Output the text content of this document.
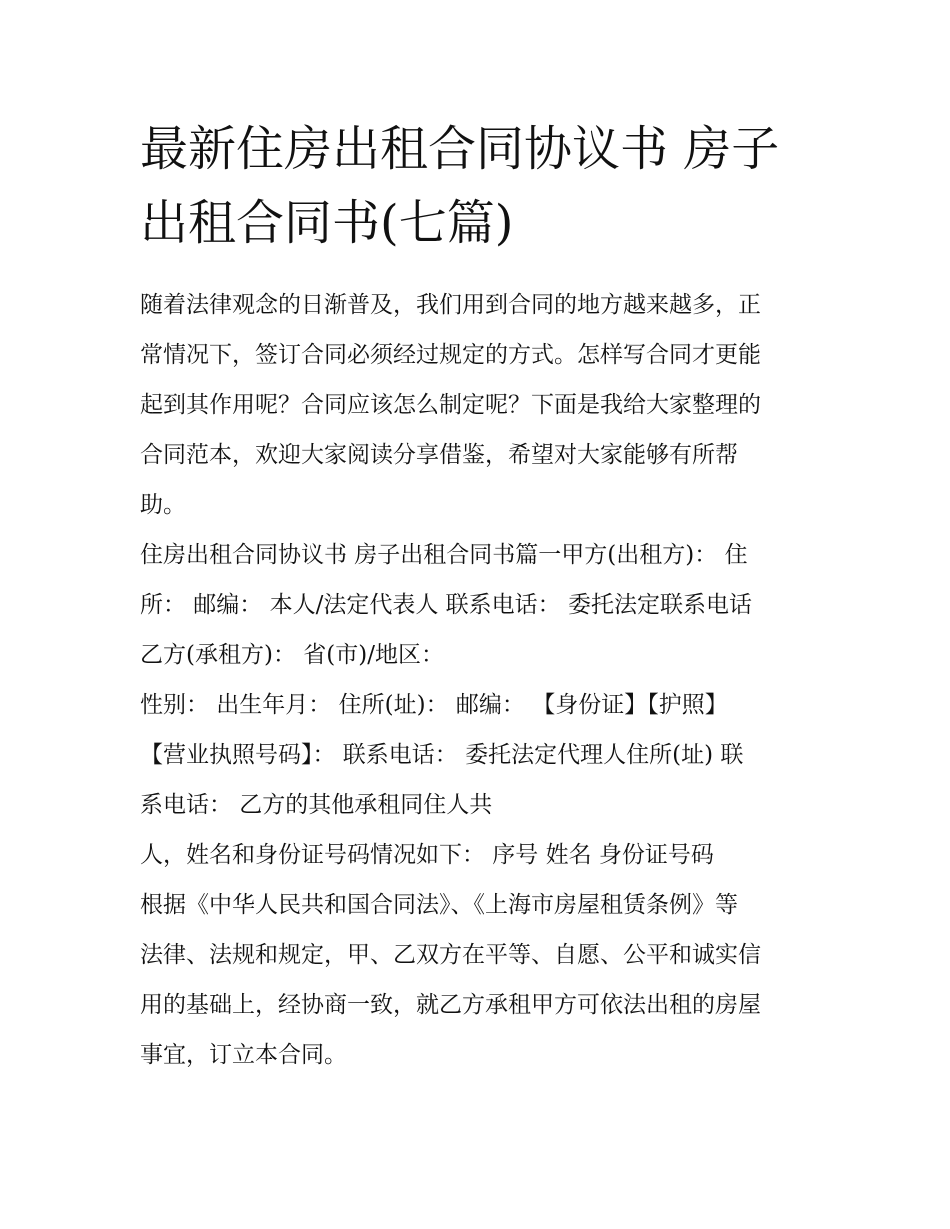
最新住房出租合同协议书 房子
出租合同书(七篇)
随着法律观念的日渐普及，我们用到合同的地方越来越多，正
常情况下，签订合同必须经过规定的方式。怎样写合同才更能
起到其作用呢？合同应该怎么制定呢？下面是我给大家整理的
合同范本，欢迎大家阅读分享借鉴，希望对大家能够有所帮
助。
住房出租合同协议书 房子出租合同书篇一甲方(出租方)： 住
所： 邮编： 本人/法定代表人 联系电话： 委托法定联系电话
乙方(承租方)： 省(市)/地区：
性别： 出生年月： 住所(址)： 邮编： 【身份证】【护照】
【营业执照号码】： 联系电话： 委托法定代理人住所(址) 联
系电话： 乙方的其他承租同住人共
人，姓名和身份证号码情况如下： 序号 姓名 身份证号码
根据《中华人民共和国合同法》、《上海市房屋租赁条例》等
法律、法规和规定，甲、乙双方在平等、自愿、公平和诚实信
用的基础上，经协商一致，就乙方承租甲方可依法出租的房屋
事宜，订立本合同。
